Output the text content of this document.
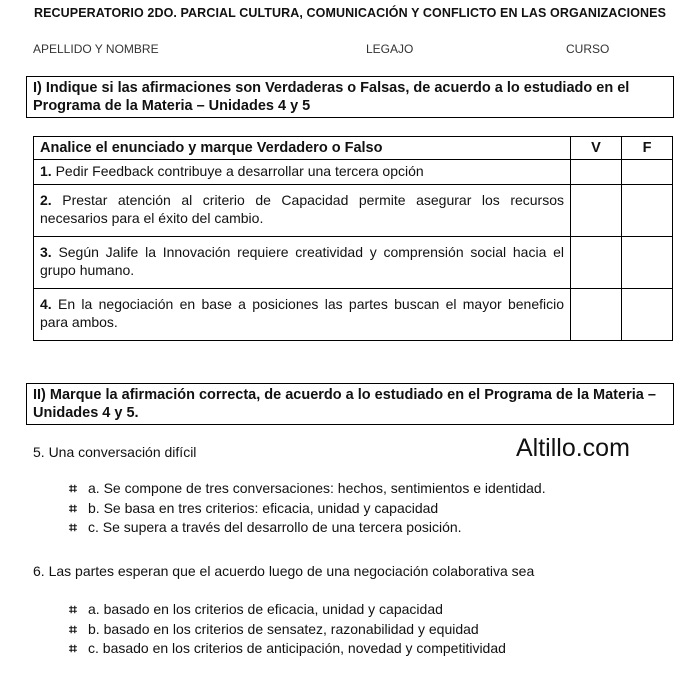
RECUPERATORIO 2DO. PARCIAL CULTURA, COMUNICACIÓN Y CONFLICTO EN LAS ORGANIZACIONES
APELLIDO Y NOMBRE	LEGAJO	CURSO
I) Indique si las afirmaciones son Verdaderas o Falsas, de acuerdo a lo estudiado en el Programa de la Materia – Unidades 4 y 5
Analice el enunciado y marque Verdadero o Falso	V	F
1. Pedir Feedback contribuye a desarrollar una tercera opción		
2. Prestar atención al criterio de Capacidad permite asegurar los recursos necesarios para el éxito del cambio.		
3. Según Jalife la Innovación requiere creatividad y comprensión social hacia el grupo humano.		
4. En la negociación en base a posiciones las partes buscan el mayor beneficio para ambos.		
II) Marque la afirmación correcta, de acuerdo a lo estudiado en el Programa de la Materia – Unidades 4 y 5.
Altillo.com
5. Una conversación difícil
⌗ a. Se compone de tres conversaciones: hechos, sentimientos e identidad.
⌗ b. Se basa en tres criterios: eficacia, unidad y capacidad
⌗ c. Se supera a través del desarrollo de una tercera posición.
6. Las partes esperan que el acuerdo luego de una negociación colaborativa sea
⌗ a. basado en los criterios de eficacia, unidad y capacidad
⌗ b. basado en los criterios de sensatez, razonabilidad y equidad
⌗ c. basado en los criterios de anticipación, novedad y competitividad
